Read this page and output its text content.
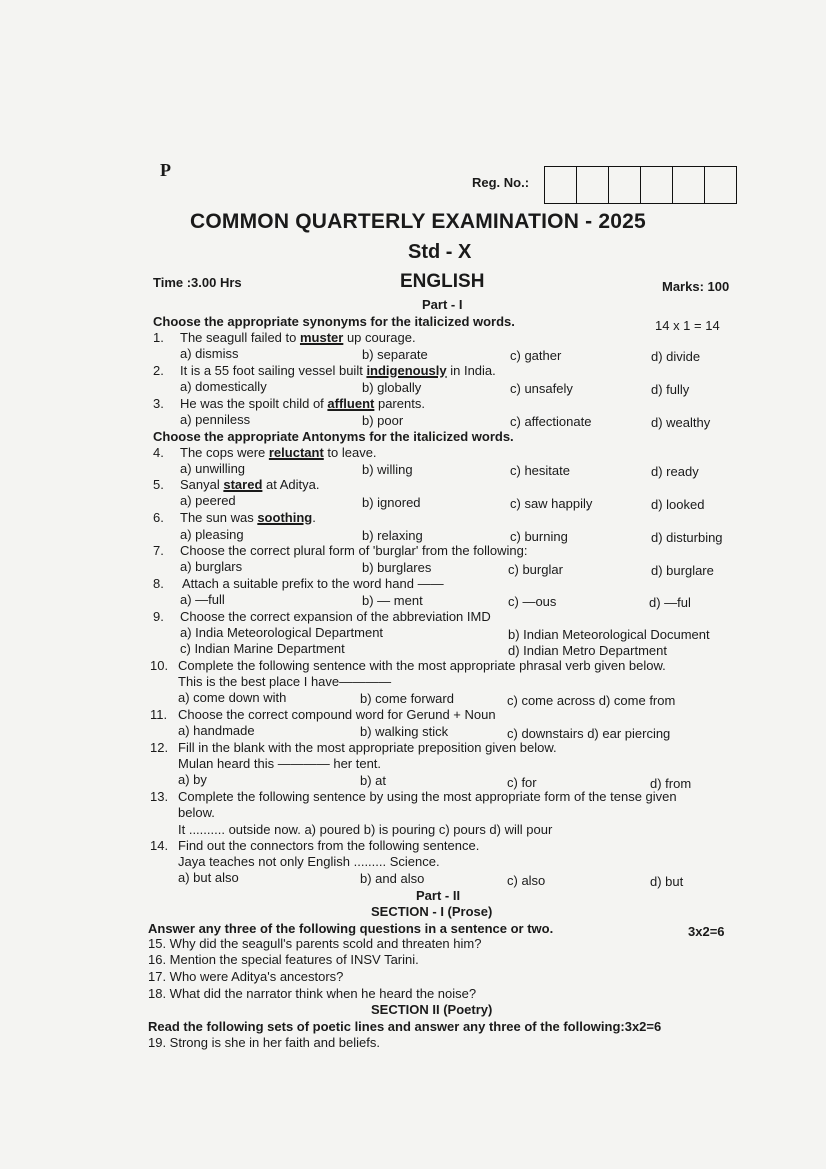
P
Reg. No.:
COMMON QUARTERLY EXAMINATION - 2025
Std - X
Time :3.00 Hrs	ENGLISH	Marks: 100
Part - I
Choose the appropriate synonyms for the italicized words.	14 x 1 = 14
1. The seagull failed to muster up courage.
a) dismiss	b) separate	c) gather	d) divide
2. It is a 55 foot sailing vessel built indigenously in India.
a) domestically	b) globally	c) unsafely	d) fully
3. He was the spoilt child of affluent parents.
a) penniless	b) poor	c) affectionate	d) wealthy
Choose the appropriate Antonyms for the italicized words.
4. The cops were reluctant to leave.
a) unwilling	b) willing	c) hesitate	d) ready
5. Sanyal stared at Aditya.
a) peered	b) ignored	c) saw happily	d) looked
6. The sun was soothing.
a) pleasing	b) relaxing	c) burning	d) disturbing
7. Choose the correct plural form of 'burglar' from the following:
a) burglars	b) burglares	c) burglar	d) burglare
8. Attach a suitable prefix to the word hand ——
a) —full	b) — ment	c) —ous	d) —ful
9. Choose the correct expansion of the abbreviation IMD
a) India Meteorological Department	b) Indian Meteorological Document
c) Indian Marine Department	d) Indian Metro Department
10. Complete the following sentence with the most appropriate phrasal verb given below.
This is the best place I have————
a) come down with	b) come forward	c) come across d) come from
11. Choose the correct compound word for Gerund + Noun
a) handmade	b) walking stick	c) downstairs d) ear piercing
12. Fill in the blank with the most appropriate preposition given below.
Mulan heard this ———— her tent.
a) by	b) at	c) for	d) from
13. Complete the following sentence by using the most appropriate form of the tense given
below.
It .......... outside now. a) poured b) is pouring c) pours d) will pour
14. Find out the connectors from the following sentence.
Jaya teaches not only English ......... Science.
a) but also	b) and also	c) also	d) but
Part - II
SECTION - I (Prose)
Answer any three of the following questions in a sentence or two.	3x2=6
15. Why did the seagull's parents scold and threaten him?
16. Mention the special features of INSV Tarini.
17. Who were Aditya's ancestors?
18. What did the narrator think when he heard the noise?
SECTION II (Poetry)
Read the following sets of poetic lines and answer any three of the following:3x2=6
19. Strong is she in her faith and beliefs.
